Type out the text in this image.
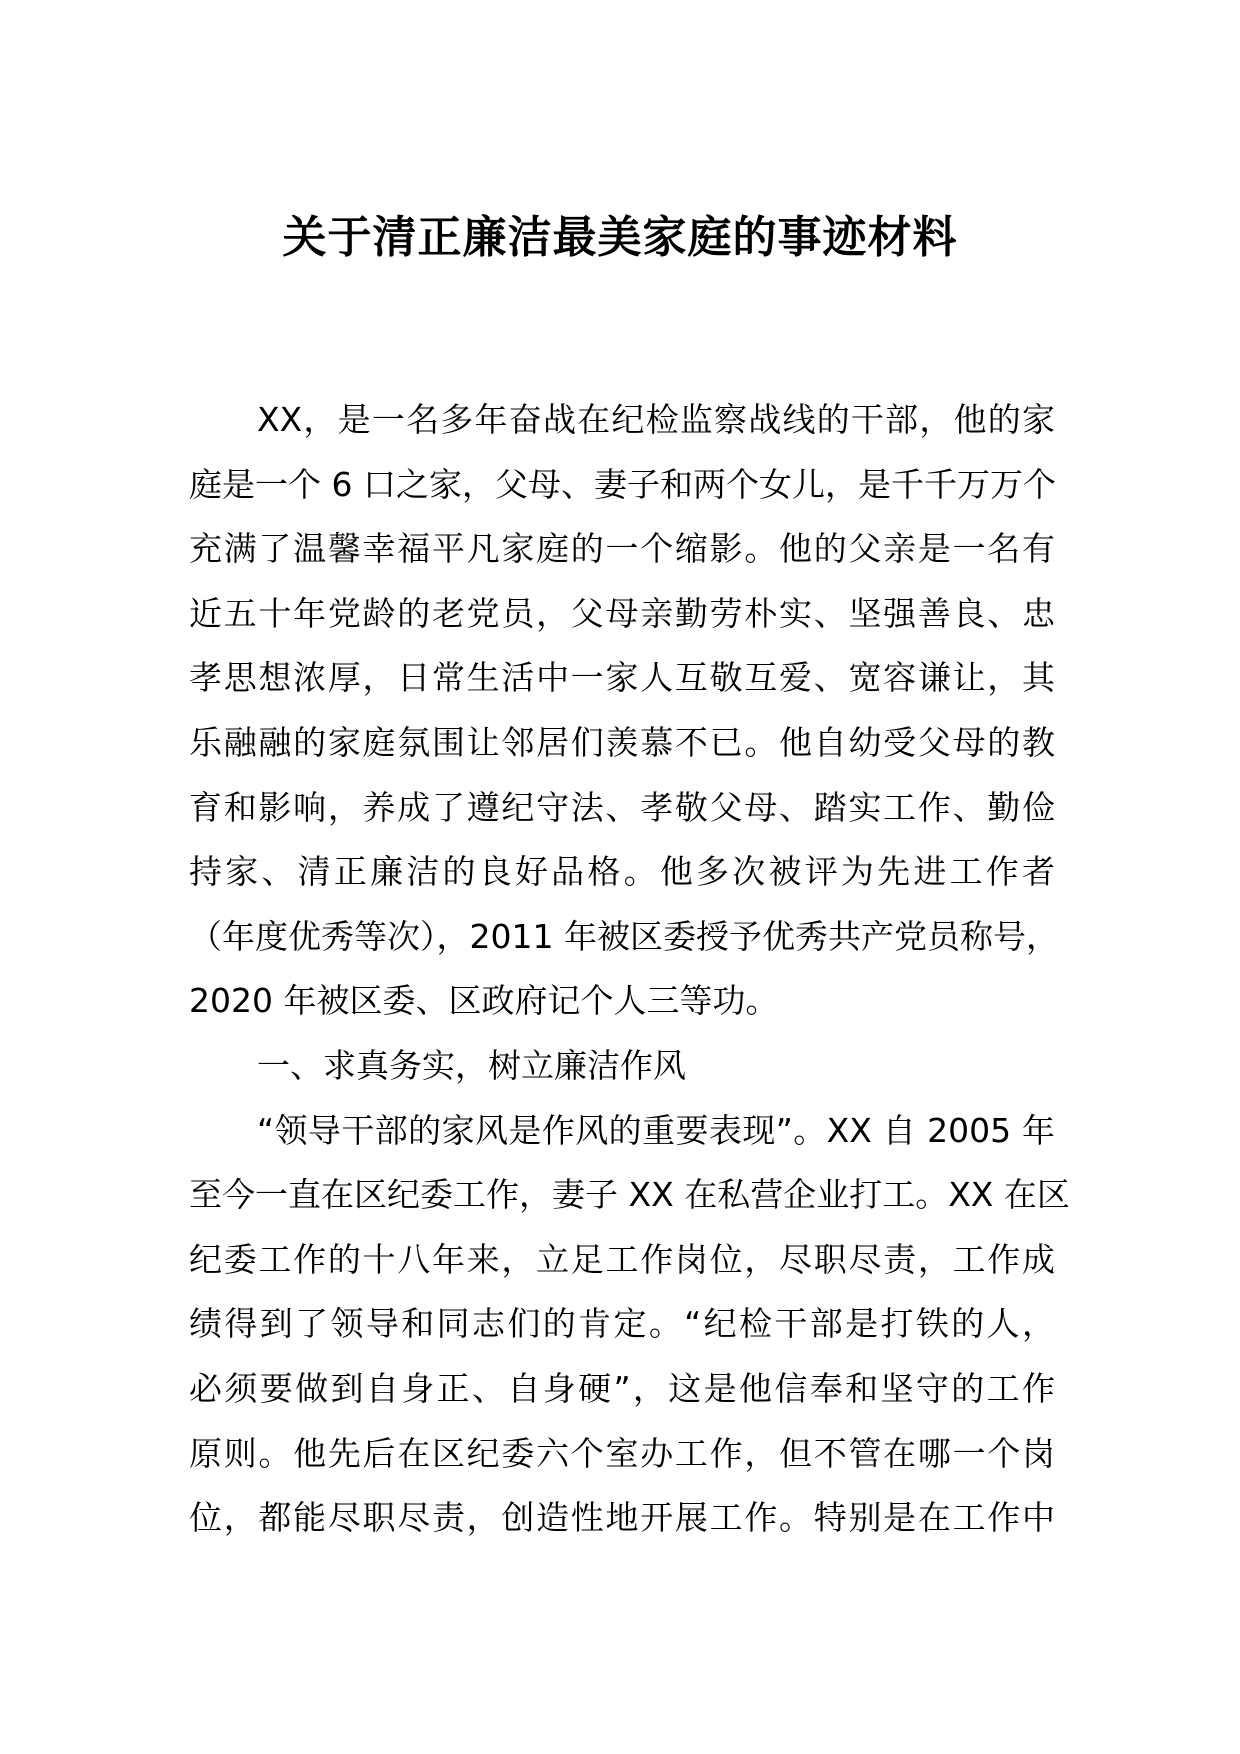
关于清正廉洁最美家庭的事迹材料
XX，是一名多年奋战在纪检监察战线的干部，他的家
庭是一个 6 口之家，父母、妻子和两个女儿，是千千万万个
充满了温馨幸福平凡家庭的一个缩影。他的父亲是一名有
近五十年党龄的老党员，父母亲勤劳朴实、坚强善良、忠
孝思想浓厚，日常生活中一家人互敬互爱、宽容谦让，其
乐融融的家庭氛围让邻居们羡慕不已。他自幼受父母的教
育和影响，养成了遵纪守法、孝敬父母、踏实工作、勤俭
持家、清正廉洁的良好品格。他多次被评为先进工作者
（年度优秀等次），2011 年被区委授予优秀共产党员称号，
2020 年被区委、区政府记个人三等功。
一、求真务实，树立廉洁作风
“领导干部的家风是作风的重要表现”。XX 自 2005 年
至今一直在区纪委工作，妻子 XX 在私营企业打工。XX 在区
纪委工作的十八年来，立足工作岗位，尽职尽责，工作成
绩得到了领导和同志们的肯定。“纪检干部是打铁的人，
必须要做到自身正、自身硬”，这是他信奉和坚守的工作
原则。他先后在区纪委六个室办工作，但不管在哪一个岗
位，都能尽职尽责，创造性地开展工作。特别是在工作中
